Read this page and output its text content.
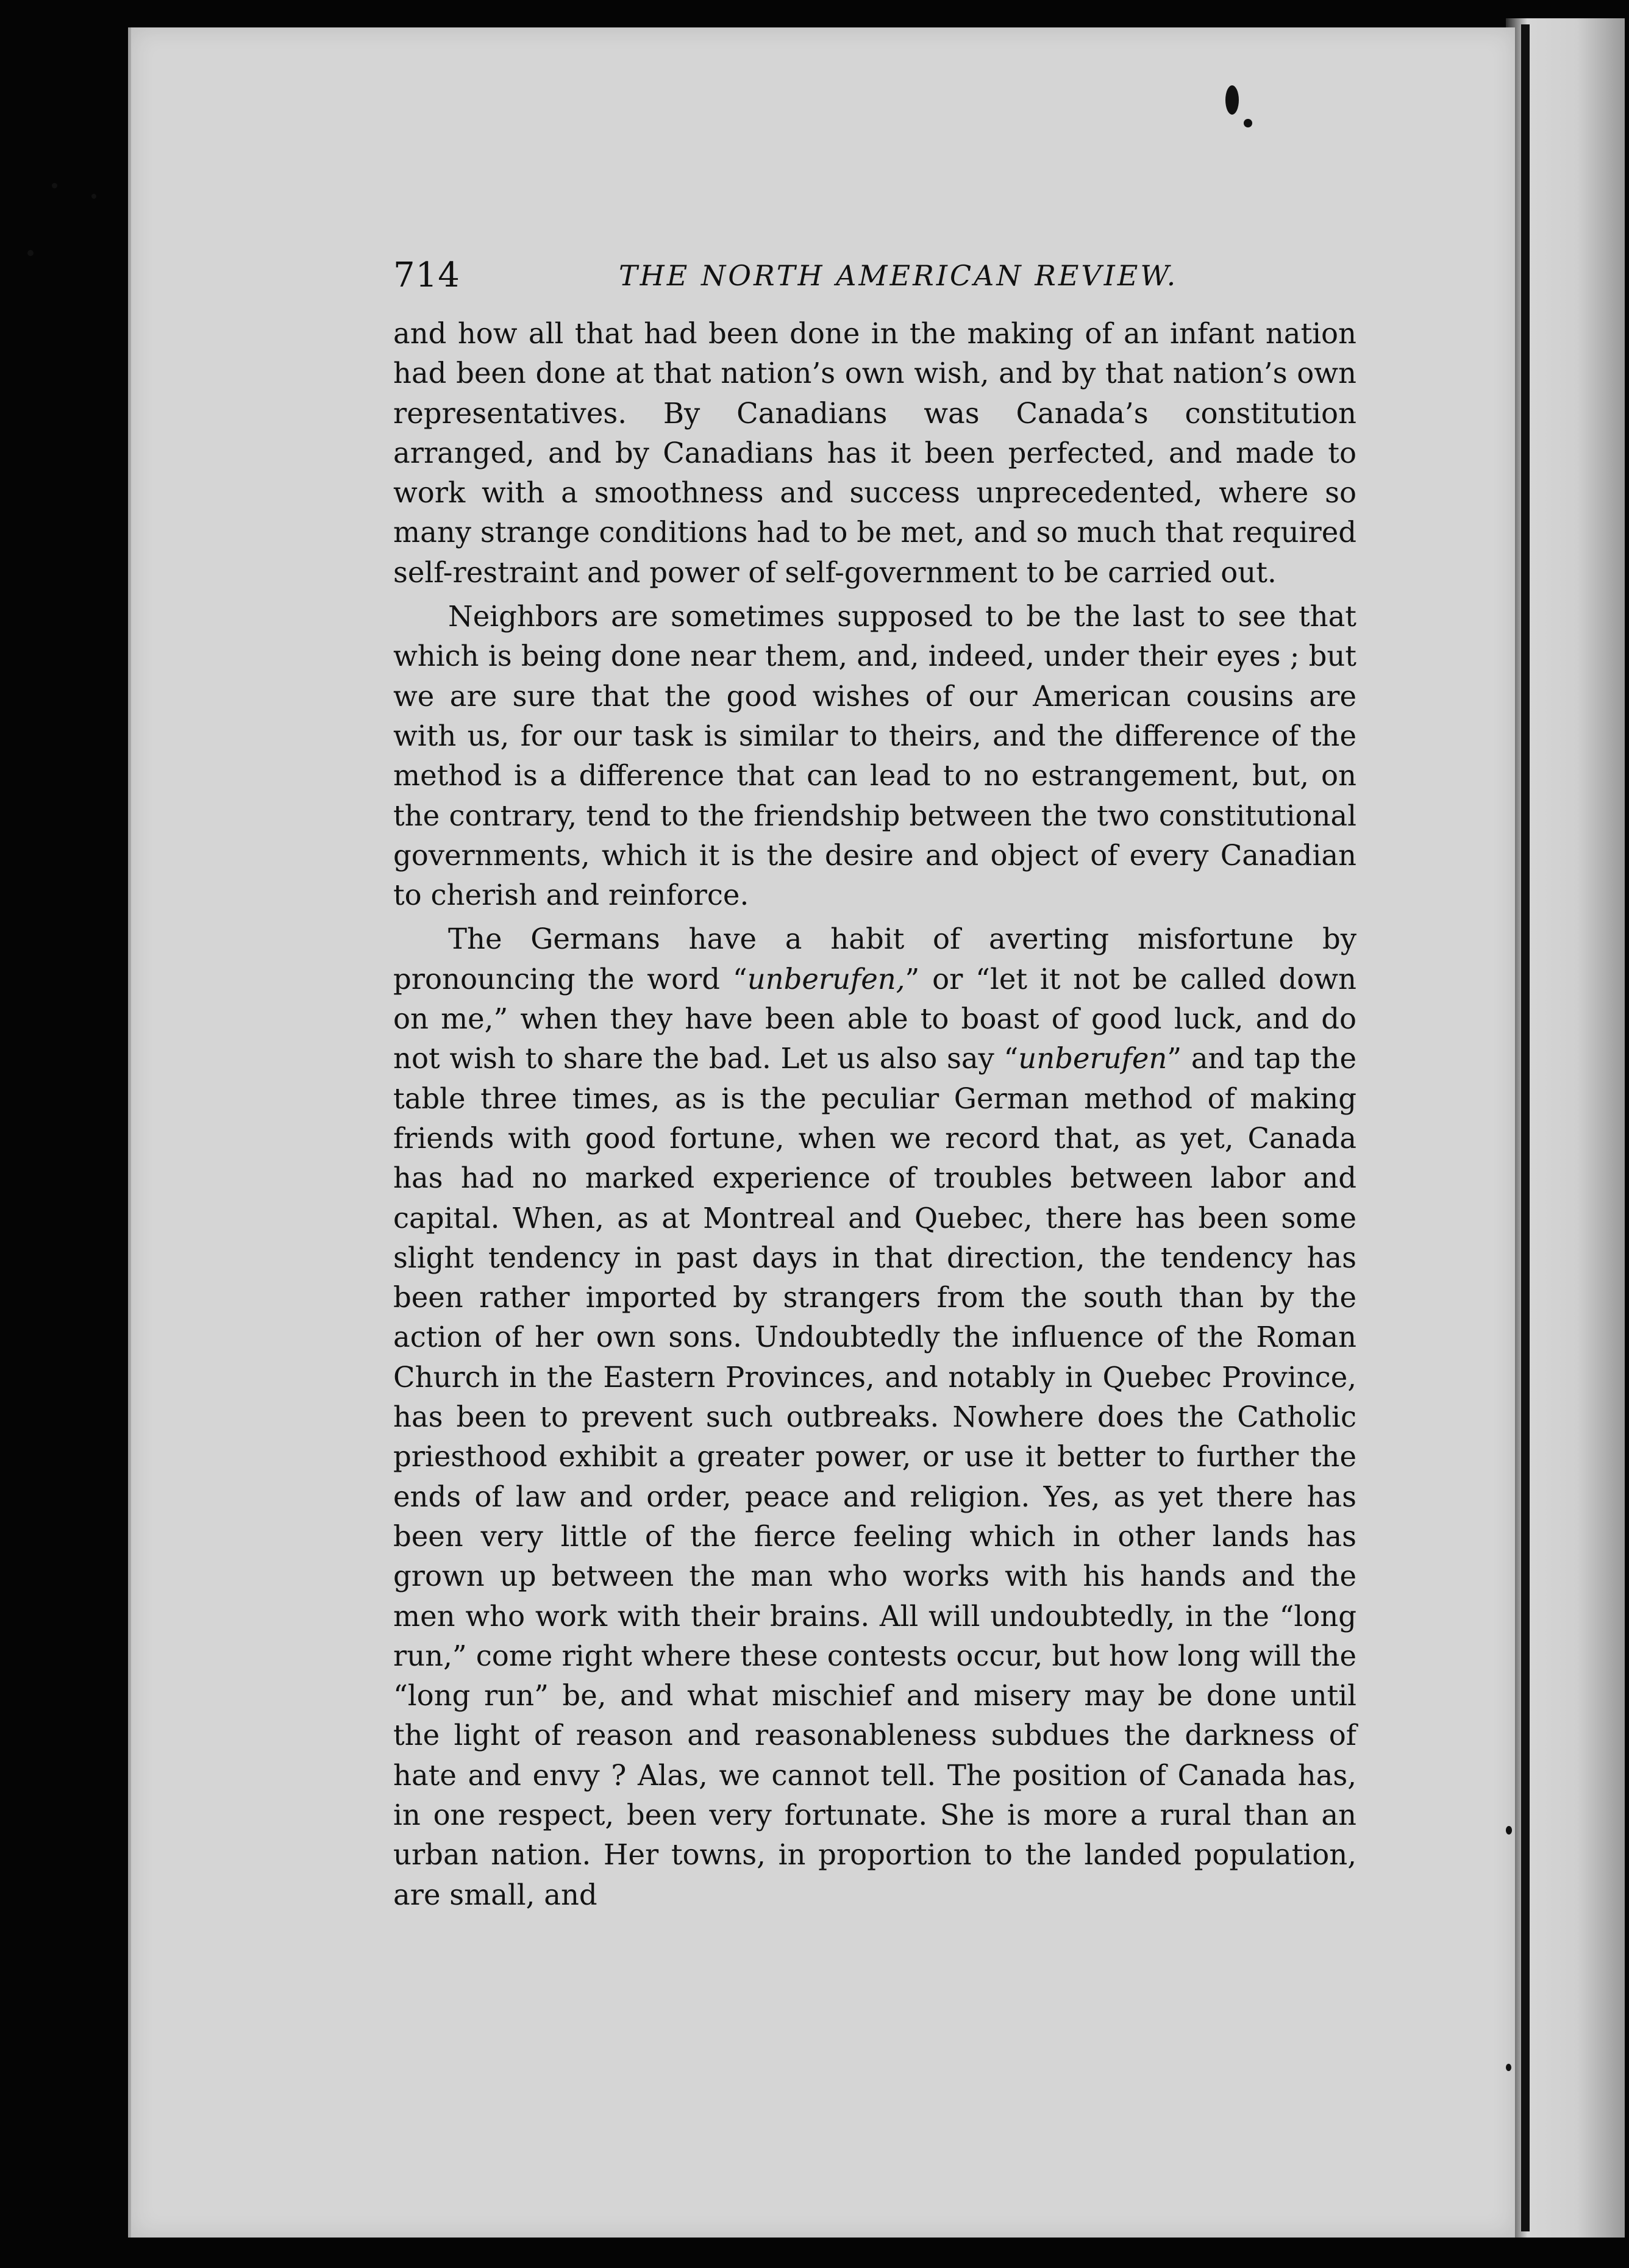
714	THE NORTH AMERICAN REVIEW.

and how all that had been done in the making of an infant nation had been done at that nation’s own wish, and by that nation’s own representatives. By Canadians was Canada’s constitution arranged, and by Canadians has it been perfected, and made to work with a smoothness and success unprecedented, where so many strange conditions had to be met, and so much that required self-restraint and power of self-government to be carried out.

Neighbors are sometimes supposed to be the last to see that which is being done near them, and, indeed, under their eyes ; but we are sure that the good wishes of our American cousins are with us, for our task is similar to theirs, and the difference of the method is a difference that can lead to no estrangement, but, on the contrary, tend to the friendship between the two constitutional governments, which it is the desire and object of every Canadian to cherish and reinforce.

The Germans have a habit of averting misfortune by pronouncing the word “unberufen,” or “let it not be called down on me,” when they have been able to boast of good luck, and do not wish to share the bad. Let us also say “unberufen” and tap the table three times, as is the peculiar German method of making friends with good fortune, when we record that, as yet, Canada has had no marked experience of troubles between labor and capital. When, as at Montreal and Quebec, there has been some slight tendency in past days in that direction, the tendency has been rather imported by strangers from the south than by the action of her own sons. Undoubtedly the influence of the Roman Church in the Eastern Provinces, and notably in Quebec Province, has been to prevent such outbreaks. Nowhere does the Catholic priesthood exhibit a greater power, or use it better to further the ends of law and order, peace and religion. Yes, as yet there has been very little of the fierce feeling which in other lands has grown up between the man who works with his hands and the men who work with their brains. All will undoubtedly, in the “long run,” come right where these contests occur, but how long will the “long run” be, and what mischief and misery may be done until the light of reason and reasonableness subdues the darkness of hate and envy ? Alas, we cannot tell. The position of Canada has, in one respect, been very fortunate. She is more a rural than an urban nation. Her towns, in proportion to the landed population, are small, and
